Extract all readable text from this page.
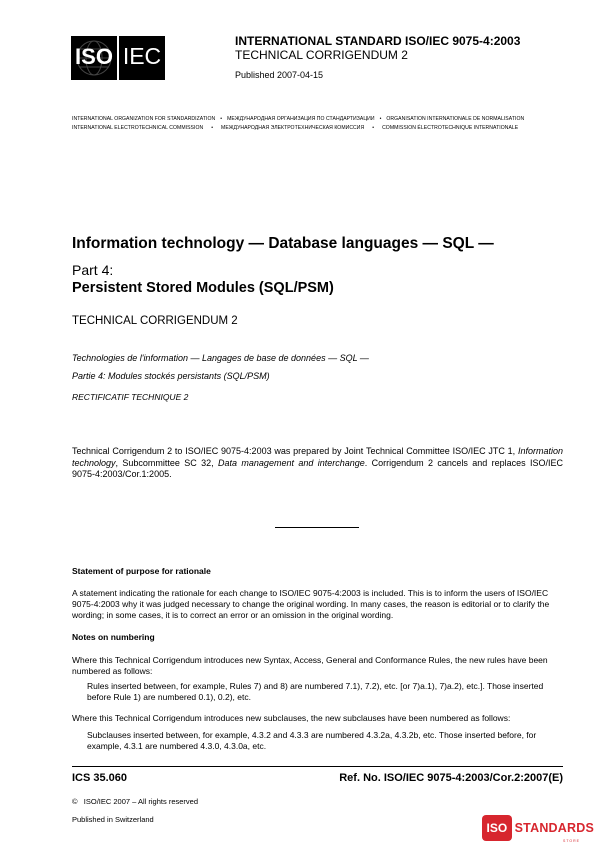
ISO IEC
INTERNATIONAL STANDARD ISO/IEC 9075-4:2003
TECHNICAL CORRIGENDUM 2
Published 2007-04-15
INTERNATIONAL ORGANIZATION FOR STANDARDIZATION • МЕЖДУНАРОДНАЯ ОРГАНИЗАЦИЯ ПО СТАНДАРТИЗАЦИИ • ORGANISATION INTERNATIONALE DE NORMALISATION
INTERNATIONAL ELECTROTECHNICAL COMMISSION • МЕЖДУНАРОДНАЯ ЭЛЕКТРОТЕХНИЧЕСКАЯ КОМИССИЯ • COMMISSION ÉLECTROTECHNIQUE INTERNATIONALE
Information technology — Database languages — SQL —
Part 4:
Persistent Stored Modules (SQL/PSM)
TECHNICAL CORRIGENDUM 2
Technologies de l'information — Langages de base de données — SQL —
Partie 4: Modules stockés persistants (SQL/PSM)
RECTIFICATIF TECHNIQUE 2
Technical Corrigendum 2 to ISO/IEC 9075-4:2003 was prepared by Joint Technical Committee ISO/IEC JTC 1, Information technology, Subcommittee SC 32, Data management and interchange. Corrigendum 2 cancels and replaces ISO/IEC 9075-4:2003/Cor.1:2005.
Statement of purpose for rationale
A statement indicating the rationale for each change to ISO/IEC 9075-4:2003 is included. This is to inform the users of ISO/IEC 9075-4:2003 why it was judged necessary to change the original wording. In many cases, the reason is editorial or to clarify the wording; in some cases, it is to correct an error or an omission in the original wording.
Notes on numbering
Where this Technical Corrigendum introduces new Syntax, Access, General and Conformance Rules, the new rules have been numbered as follows:
Rules inserted between, for example, Rules 7) and 8) are numbered 7.1), 7.2), etc. [or 7)a.1), 7)a.2), etc.]. Those inserted before Rule 1) are numbered 0.1), 0.2), etc.
Where this Technical Corrigendum introduces new subclauses, the new subclauses have been numbered as follows:
Subclauses inserted between, for example, 4.3.2 and 4.3.3 are numbered 4.3.2a, 4.3.2b, etc. Those inserted before, for example, 4.3.1 are numbered 4.3.0, 4.3.0a, etc.
ICS 35.060	Ref. No. ISO/IEC 9075-4:2003/Cor.2:2007(E)
©   ISO/IEC 2007 – All rights reserved
Published in Switzerland
ISO STANDARDS
STORE
